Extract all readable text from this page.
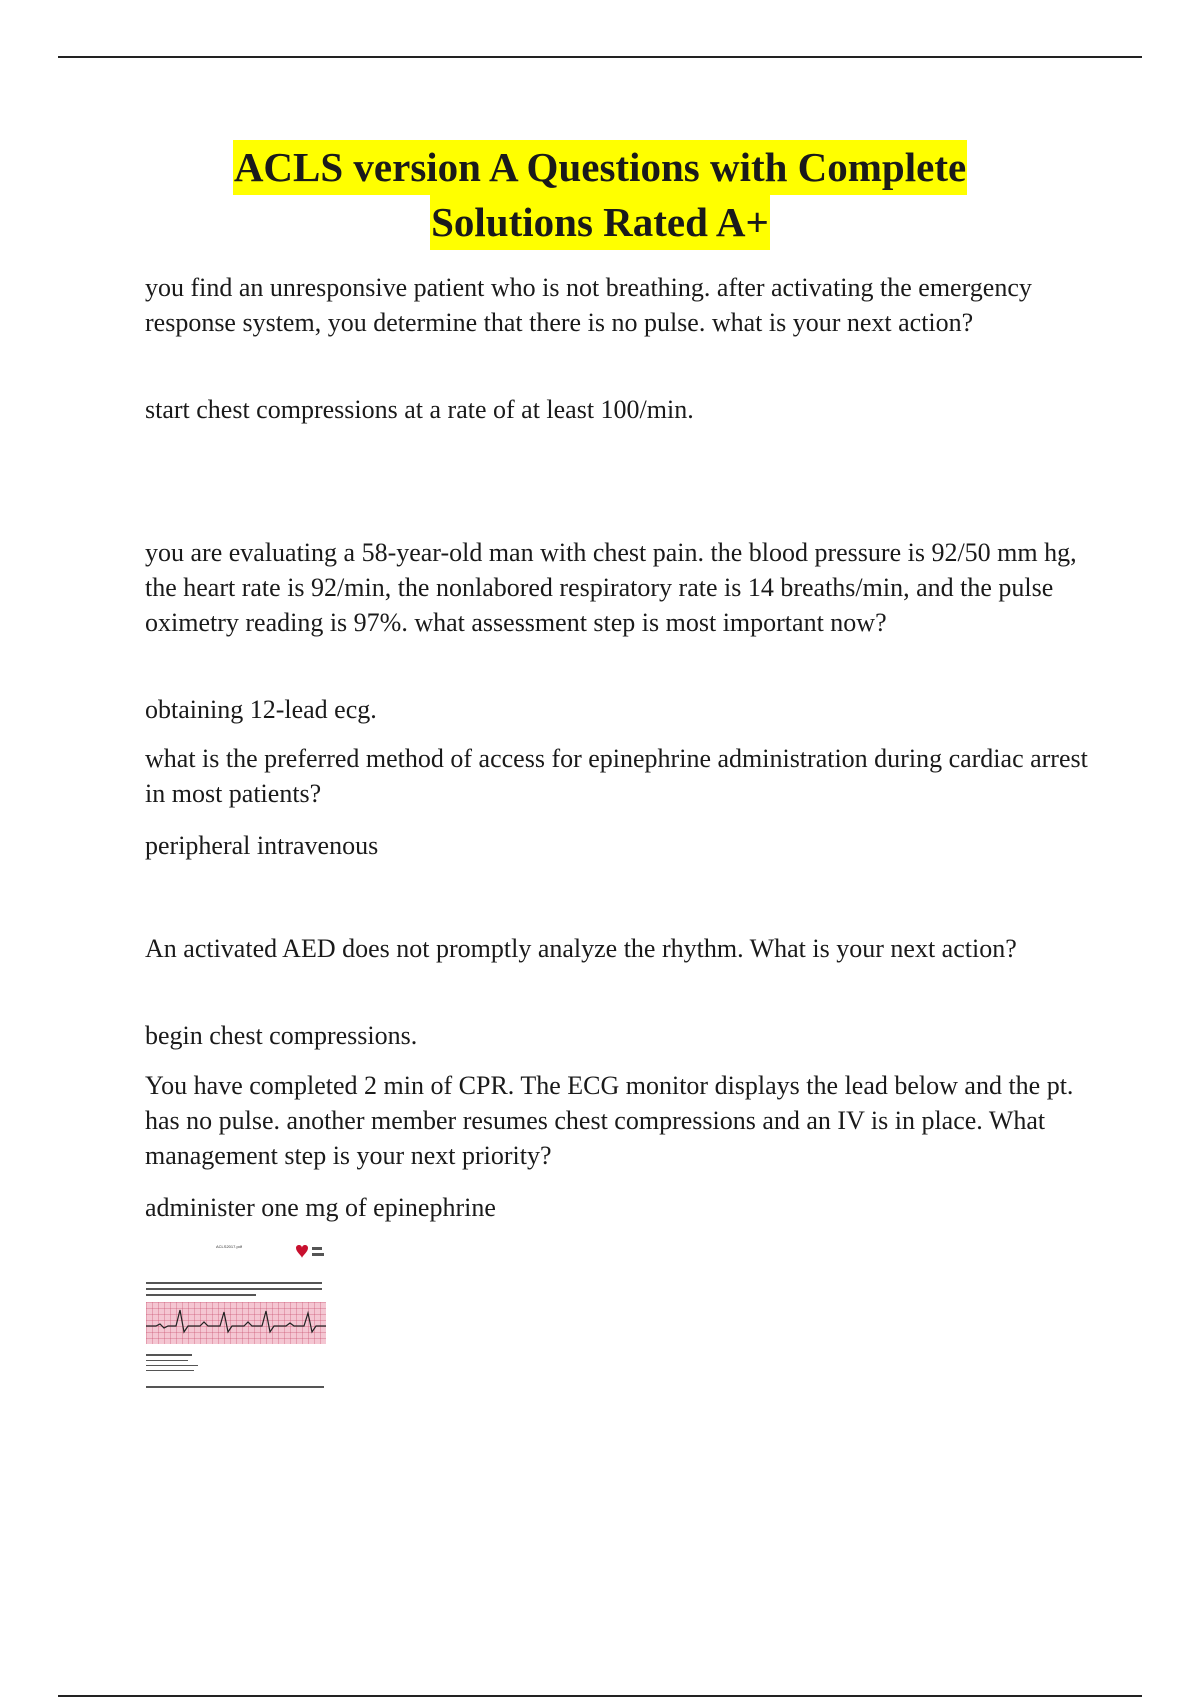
ACLS version A Questions with Complete
Solutions Rated A+

you find an unresponsive patient who is not breathing. after activating the emergency response system, you determine that there is no pulse. what is your next action?

start chest compressions at a rate of at least 100/min.

you are evaluating a 58-year-old man with chest pain. the blood pressure is 92/50 mm hg, the heart rate is 92/min, the nonlabored respiratory rate is 14 breaths/min, and the pulse oximetry reading is 97%. what assessment step is most important now?

obtaining 12-lead ecg.

what is the preferred method of access for epinephrine administration during cardiac arrest in most patients?

peripheral intravenous

An activated AED does not promptly analyze the rhythm. What is your next action?

begin chest compressions.

You have completed 2 min of CPR. The ECG monitor displays the lead below and the pt. has no pulse. another member resumes chest compressions and an IV is in place. What management step is your next priority?

administer one mg of epinephrine

ACLS2017.pdf
